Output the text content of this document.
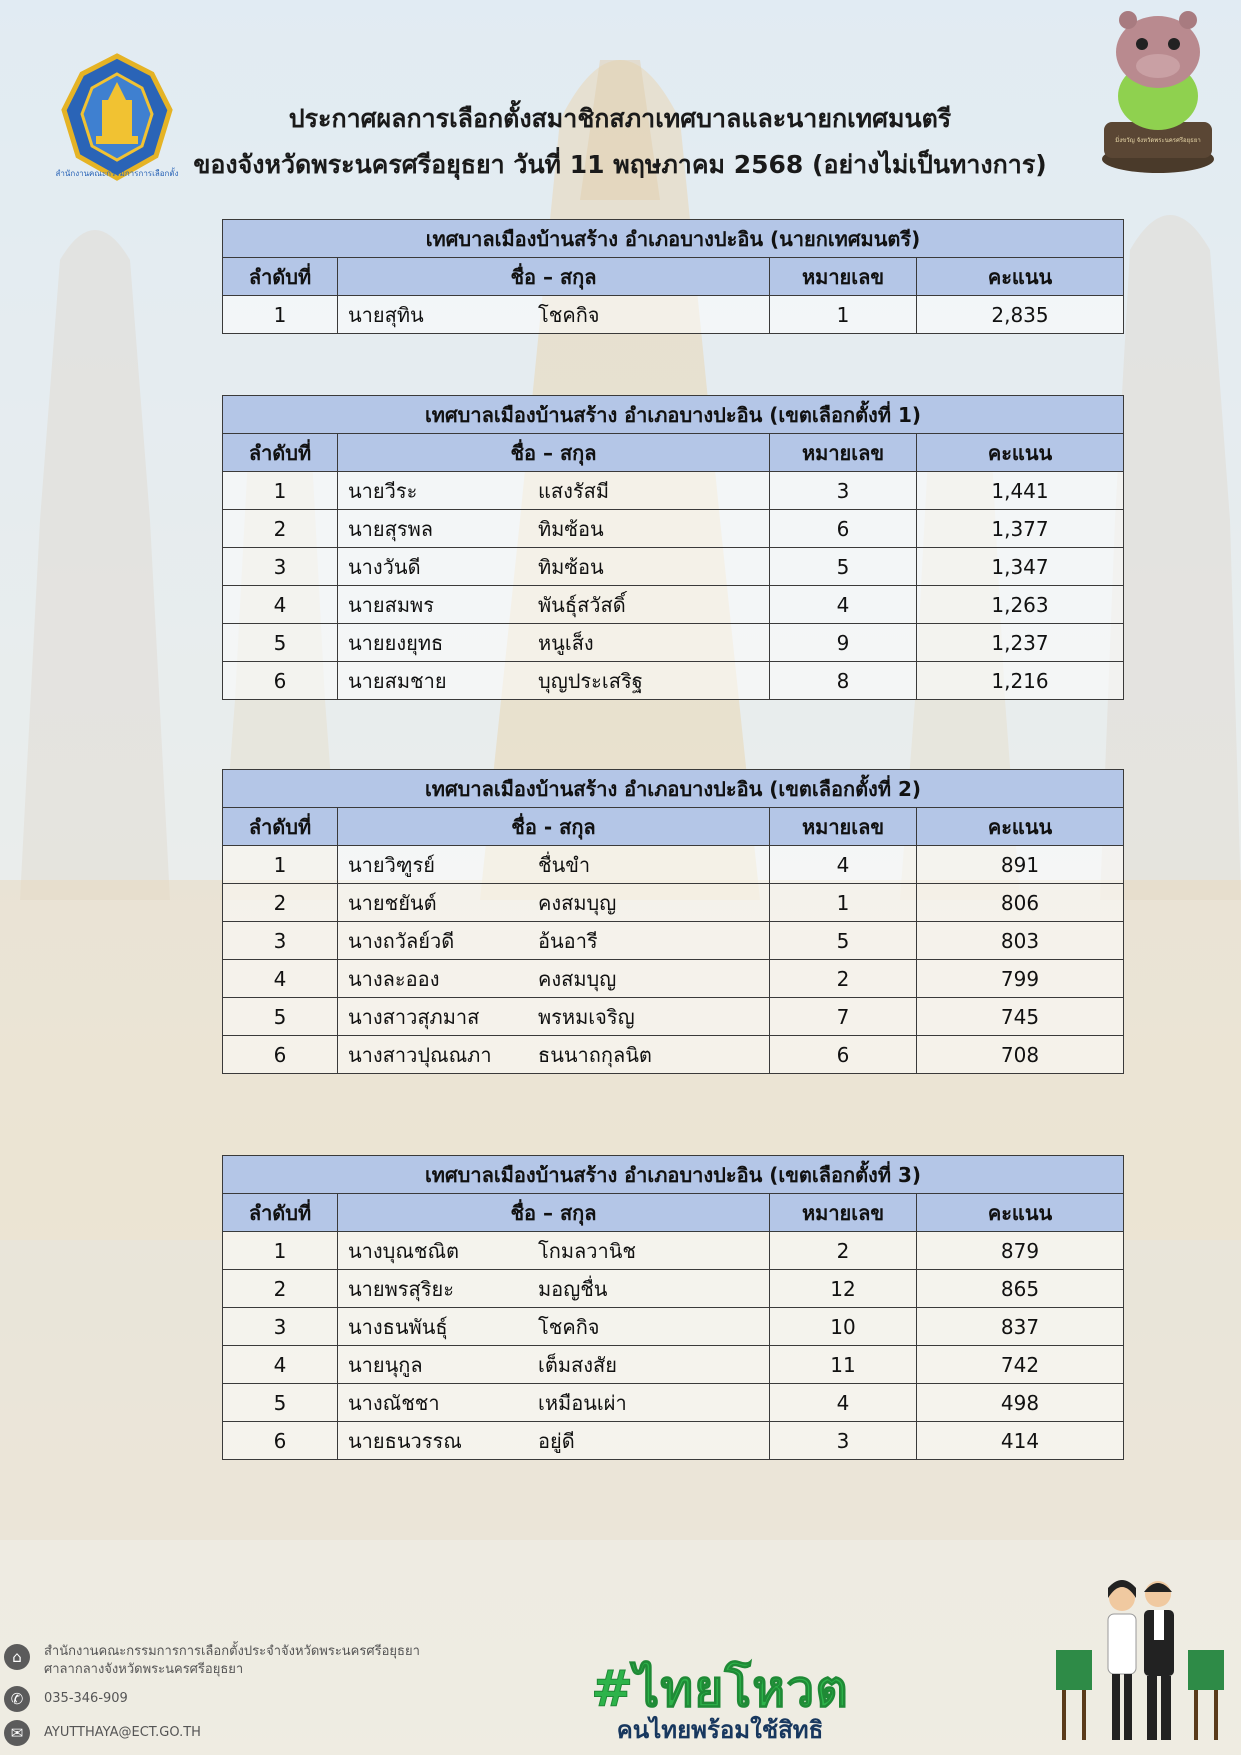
สำนักงานคณะกรรมการการเลือกตั้ง
มิ่งขวัญ จังหวัดพระนครศรีอยุธยา
ประกาศผลการเลือกตั้งสมาชิกสภาเทศบาลและนายกเทศมนตรี
ของจังหวัดพระนครศรีอยุธยา วันที่ 11 พฤษภาคม 2568 (อย่างไม่เป็นทางการ)
เทศบาลเมืองบ้านสร้าง อำเภอบางปะอิน (นายกเทศมนตรี)			
ลำดับที่	ชื่อ – สกุล	หมายเลข	คะแนน
1	นายสุทิน โชคกิจ	1	2,835
เทศบาลเมืองบ้านสร้าง อำเภอบางปะอิน (เขตเลือกตั้งที่ 1)			
ลำดับที่	ชื่อ – สกุล	หมายเลข	คะแนน
1	นายวีระ แสงรัสมี	3	1,441
2	นายสุรพล ทิมซ้อน	6	1,377
3	นางวันดี ทิมซ้อน	5	1,347
4	นายสมพร พันธุ์สวัสดิ์	4	1,263
5	นายยงยุทธ หนูเส็ง	9	1,237
6	นายสมชาย บุญประเสริฐ	8	1,216
เทศบาลเมืองบ้านสร้าง อำเภอบางปะอิน (เขตเลือกตั้งที่ 2)			
ลำดับที่	ชื่อ - สกุล	หมายเลข	คะแนน
1	นายวิฑูรย์ ชื่นขำ	4	891
2	นายชยันต์ คงสมบุญ	1	806
3	นางถวัลย์วดี อ้นอารี	5	803
4	นางละออง คงสมบุญ	2	799
5	นางสาวสุภมาส พรหมเจริญ	7	745
6	นางสาวปุณณภา ธนนาถกุลนิต	6	708
เทศบาลเมืองบ้านสร้าง อำเภอบางปะอิน (เขตเลือกตั้งที่ 3)			
ลำดับที่	ชื่อ – สกุล	หมายเลข	คะแนน
1	นางบุณชณิต โกมลวานิช	2	879
2	นายพรสุริยะ มอญชื่น	12	865
3	นางธนพันธุ์ โชคกิจ	10	837
4	นายนุกูล เต็มสงสัย	11	742
5	นางณัชชา เหมือนเผ่า	4	498
6	นายธนวรรณ อยู่ดี	3	414
⌂	สำนักงานคณะกรรมการการเลือกตั้งประจำจังหวัดพระนครศรีอยุธยา
ศาลากลางจังหวัดพระนครศรีอยุธยา
✆	035-346-909
✉	AYUTTHAYA@ECT.GO.TH
#ไทยโหวต
คนไทยพร้อมใช้สิทธิ
